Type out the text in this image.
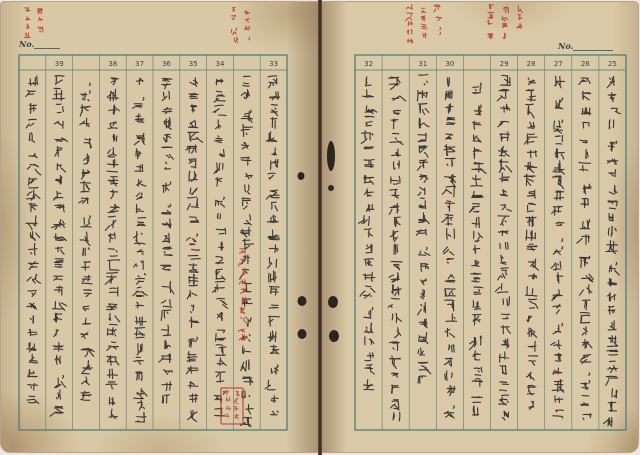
No.
33
34
35
36
37
38
39
No.
25
26
27
28
29
30
31
32
